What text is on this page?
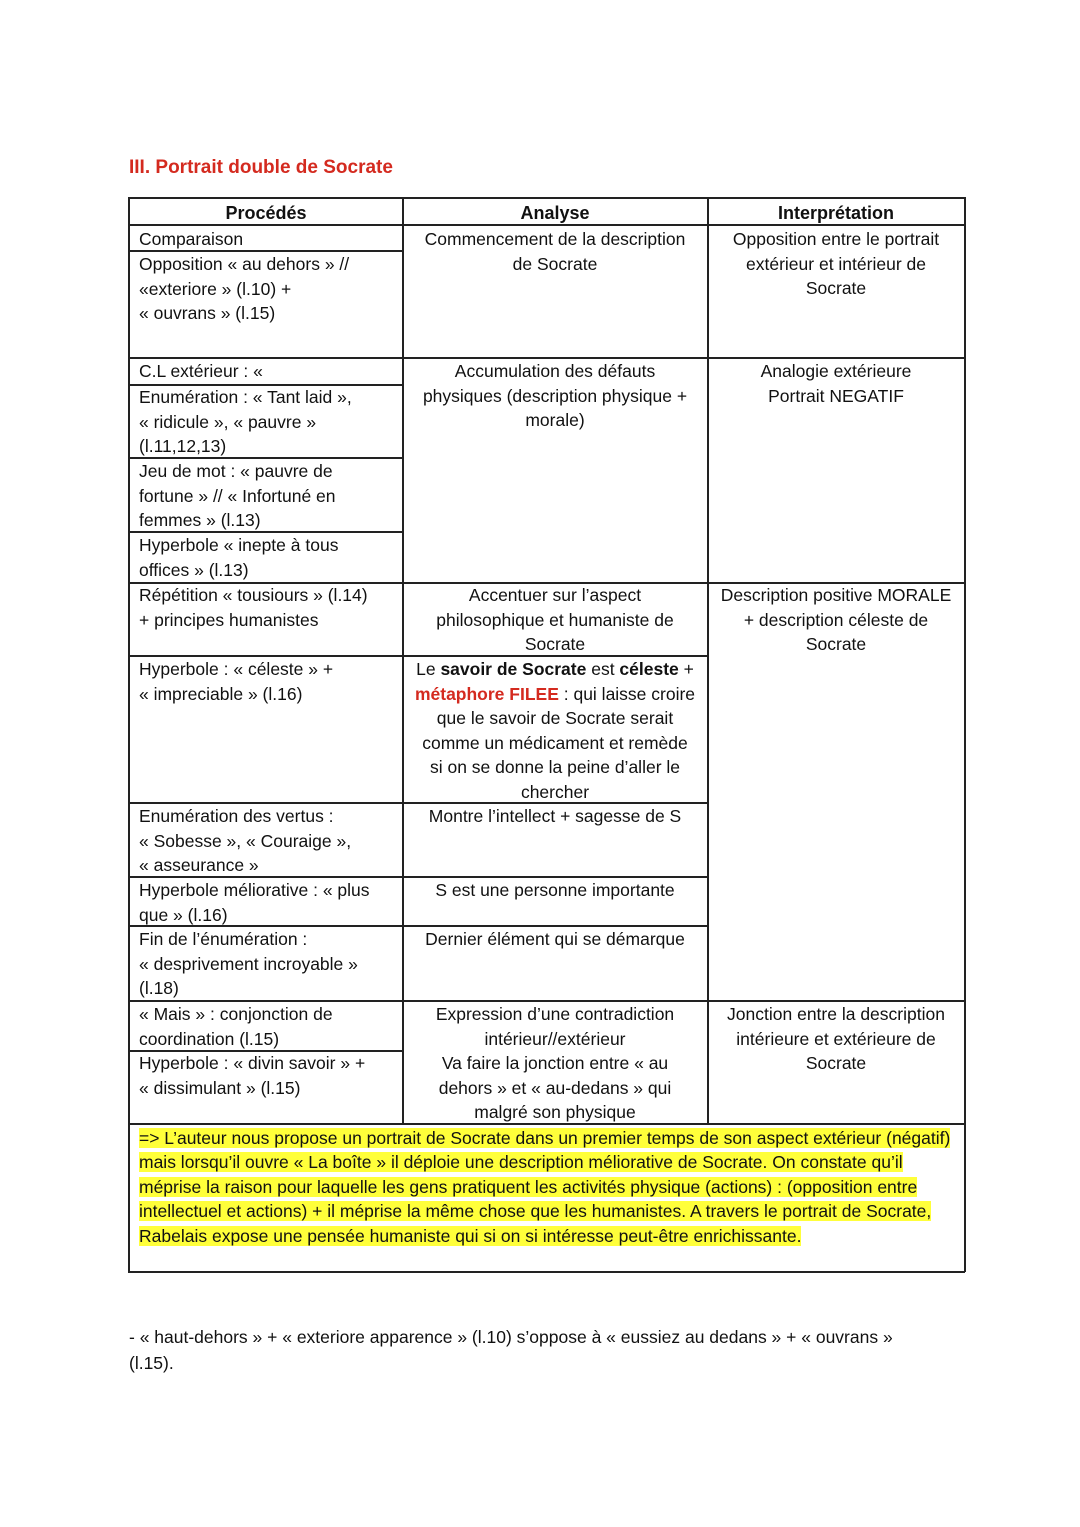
III. Portrait double de Socrate
Procédés	Analyse	Interprétation
Comparaison
Opposition « au dehors » //
«exteriore » (l.10) +
« ouvrans » (l.15)
C.L extérieur : «
Enumération : « Tant laid »,
« ridicule », « pauvre »
(l.11,12,13)
Jeu de mot : « pauvre de
fortune » // « Infortuné en
femmes » (l.13)
Hyperbole « inepte à tous
offices » (l.13)
Répétition « tousiours » (l.14)
+ principes humanistes
Hyperbole : « céleste » +
« impreciable » (l.16)
Enumération des vertus :
« Sobesse », « Couraige »,
« asseurance »
Hyperbole méliorative : « plus
que » (l.16)
Fin de l’énumération :
« desprivement incroyable »
(l.18)
« Mais » : conjonction de
coordination (l.15)
Hyperbole : « divin savoir » +
« dissimulant » (l.15)
Commencement de la description
de Socrate
Accumulation des défauts
physiques (description physique +
morale)
Accentuer sur l’aspect
philosophique et humaniste de
Socrate
Le savoir de Socrate est céleste +
métaphore FILEE : qui laisse croire
que le savoir de Socrate serait
comme un médicament et remède
si on se donne la peine d’aller le
chercher
Montre l’intellect + sagesse de S
S est une personne importante
Dernier élément qui se démarque
Expression d’une contradiction
intérieur//extérieur
Va faire la jonction entre « au
dehors » et « au-dedans » qui
malgré son physique
Opposition entre le portrait
extérieur et intérieur de
Socrate
Analogie extérieure
Portrait NEGATIF
Description positive MORALE
+ description céleste de
Socrate
Jonction entre la description
intérieure et extérieure de
Socrate
=> L’auteur nous propose un portrait de Socrate dans un premier temps de son aspect extérieur (négatif) mais lorsqu’il ouvre « La boîte » il déploie une description méliorative de Socrate. On constate qu’il méprise la raison pour laquelle les gens pratiquent les activités physique (actions) : (opposition entre intellectuel et actions) + il méprise la même chose que les humanistes. A travers le portrait de Socrate, Rabelais expose une pensée humaniste qui si on si intéresse peut-être enrichissante.
- « haut-dehors » + « exteriore apparence » (l.10) s’oppose à « eussiez au dedans » + « ouvrans » (l.15).
